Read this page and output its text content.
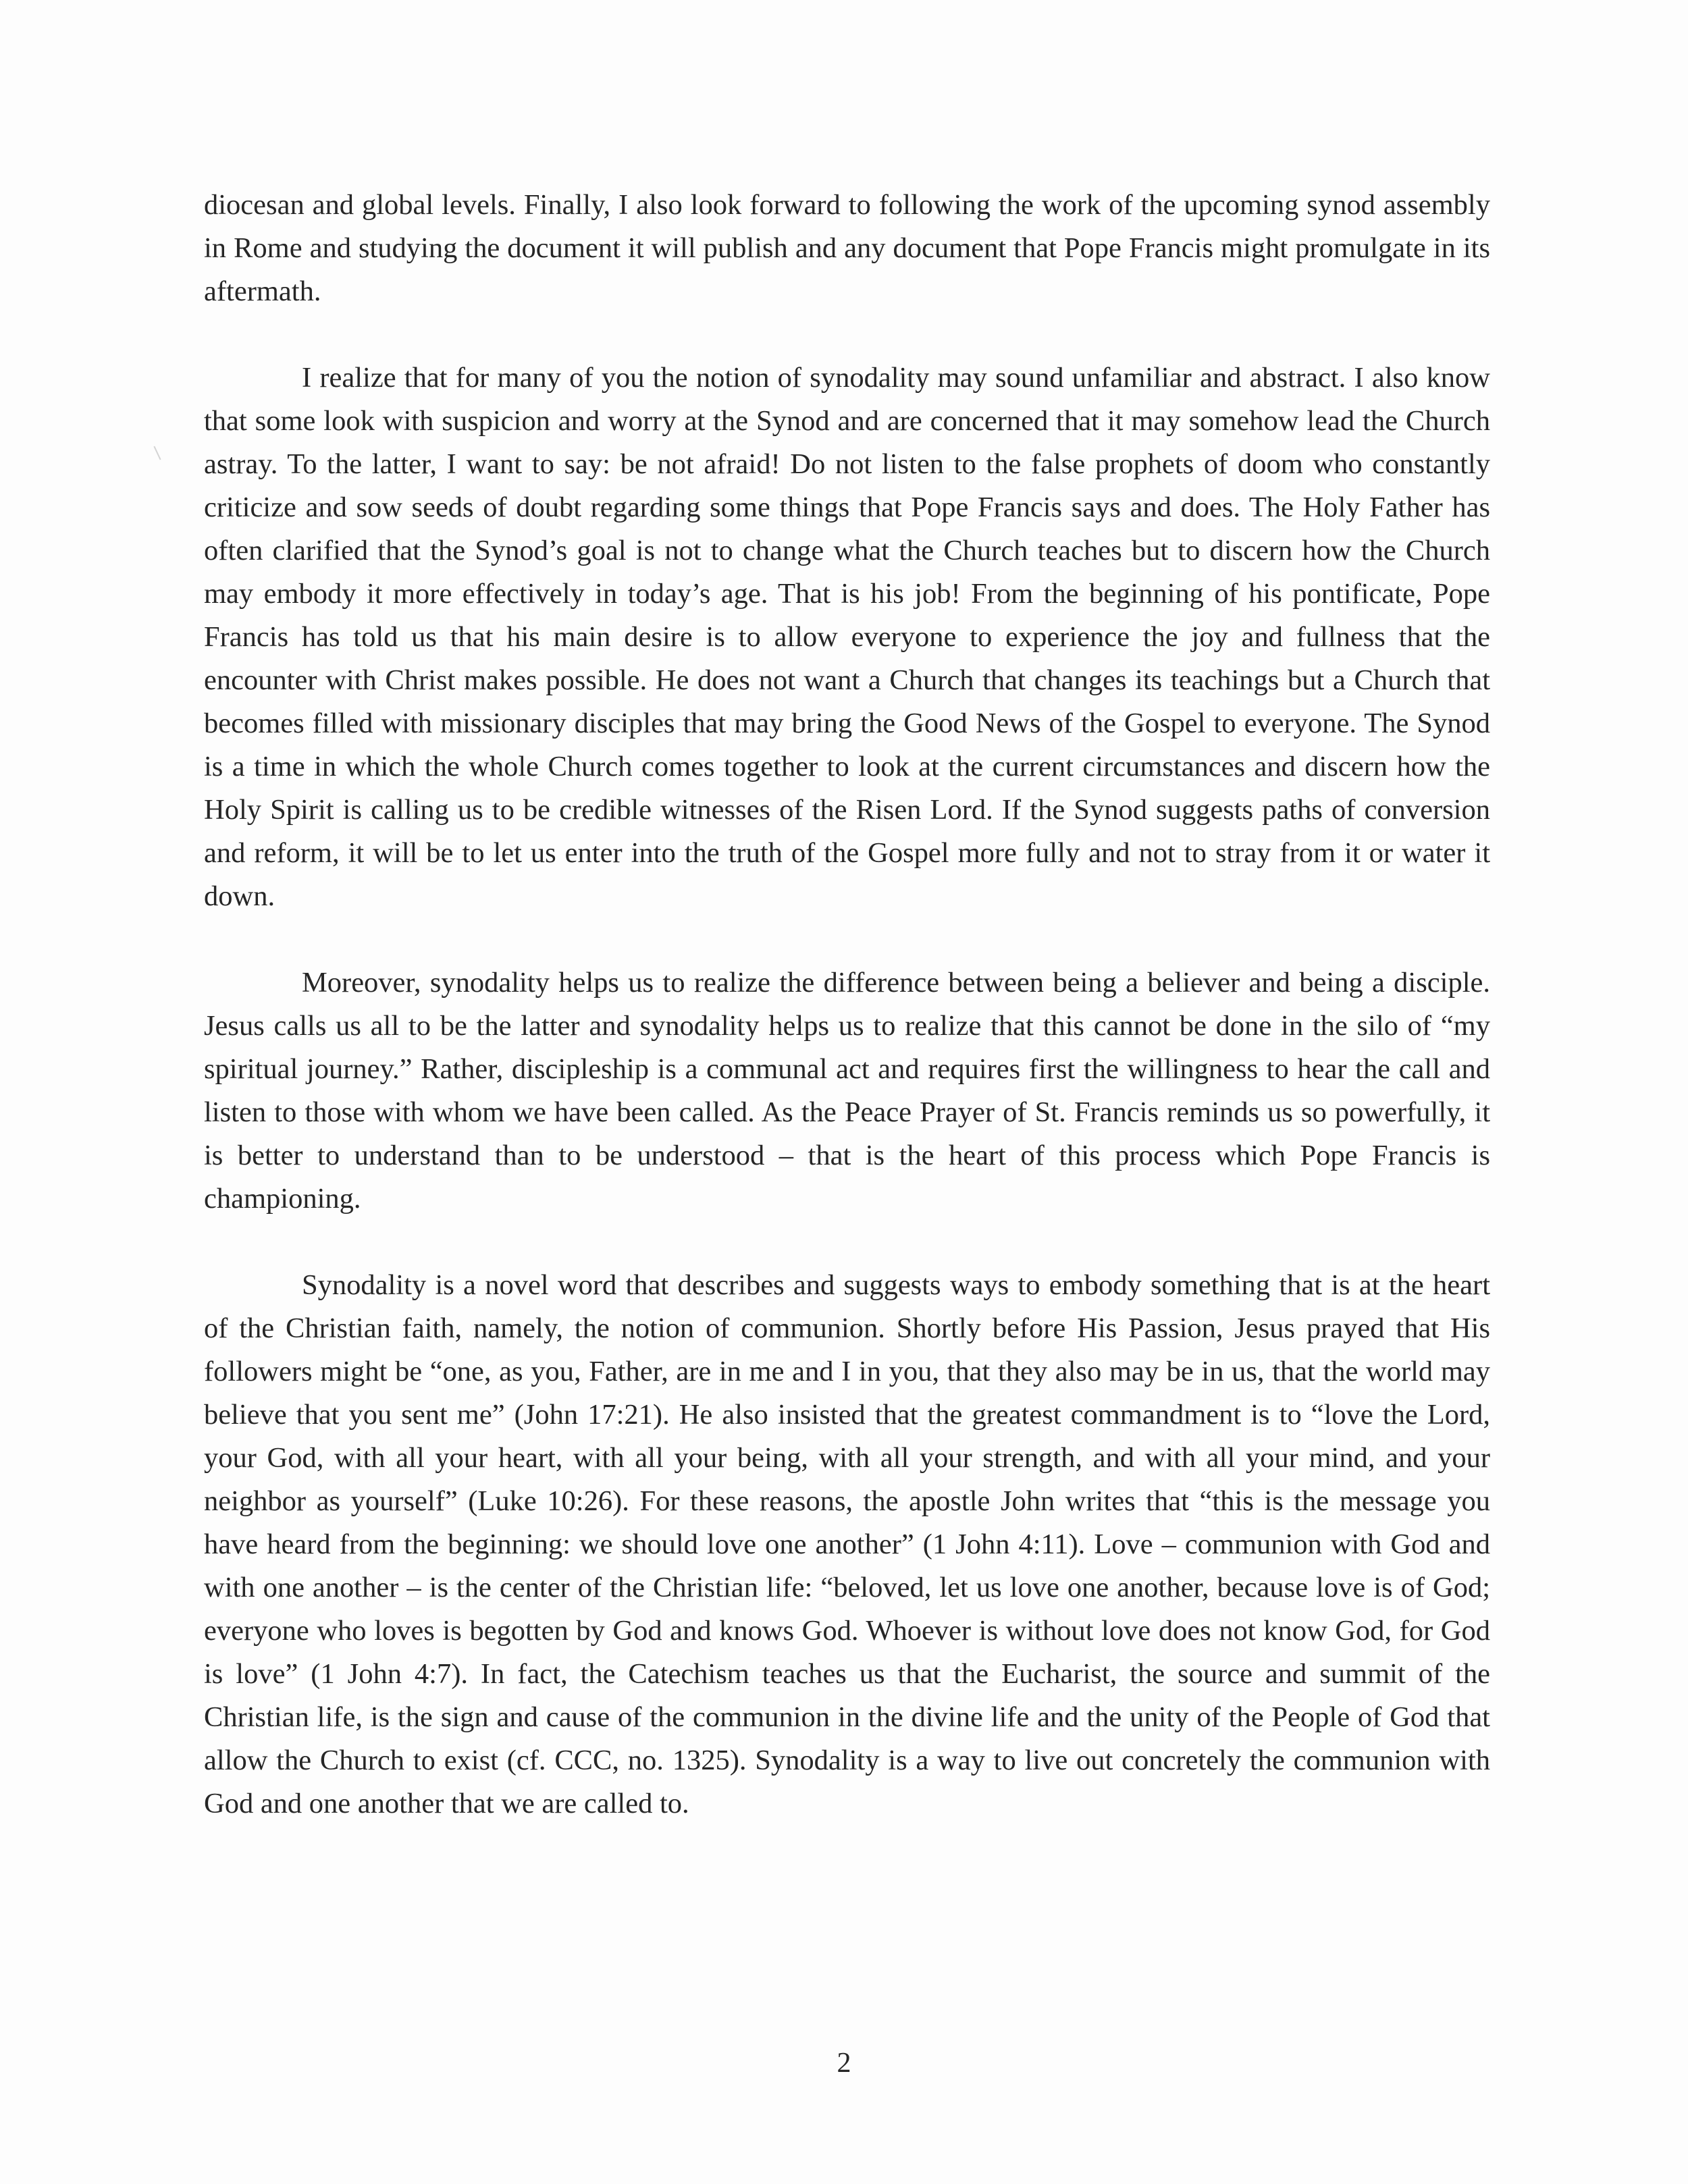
diocesan and global levels. Finally, I also look forward to following the work of the upcoming synod assembly in Rome and studying the document it will publish and any document that Pope Francis might promulgate in its aftermath.

I realize that for many of you the notion of synodality may sound unfamiliar and abstract. I also know that some look with suspicion and worry at the Synod and are concerned that it may somehow lead the Church astray. To the latter, I want to say: be not afraid! Do not listen to the false prophets of doom who constantly criticize and sow seeds of doubt regarding some things that Pope Francis says and does. The Holy Father has often clarified that the Synod’s goal is not to change what the Church teaches but to discern how the Church may embody it more effectively in today’s age. That is his job! From the beginning of his pontificate, Pope Francis has told us that his main desire is to allow everyone to experience the joy and fullness that the encounter with Christ makes possible. He does not want a Church that changes its teachings but a Church that becomes filled with missionary disciples that may bring the Good News of the Gospel to everyone. The Synod is a time in which the whole Church comes together to look at the current circumstances and discern how the Holy Spirit is calling us to be credible witnesses of the Risen Lord. If the Synod suggests paths of conversion and reform, it will be to let us enter into the truth of the Gospel more fully and not to stray from it or water it down.

Moreover, synodality helps us to realize the difference between being a believer and being a disciple. Jesus calls us all to be the latter and synodality helps us to realize that this cannot be done in the silo of “my spiritual journey.” Rather, discipleship is a communal act and requires first the willingness to hear the call and listen to those with whom we have been called. As the Peace Prayer of St. Francis reminds us so powerfully, it is better to understand than to be understood – that is the heart of this process which Pope Francis is championing.

Synodality is a novel word that describes and suggests ways to embody something that is at the heart of the Christian faith, namely, the notion of communion. Shortly before His Passion, Jesus prayed that His followers might be “one, as you, Father, are in me and I in you, that they also may be in us, that the world may believe that you sent me” (John 17:21). He also insisted that the greatest commandment is to “love the Lord, your God, with all your heart, with all your being, with all your strength, and with all your mind, and your neighbor as yourself” (Luke 10:26). For these reasons, the apostle John writes that “this is the message you have heard from the beginning: we should love one another” (1 John 4:11). Love – communion with God and with one another – is the center of the Christian life: “beloved, let us love one another, because love is of God; everyone who loves is begotten by God and knows God. Whoever is without love does not know God, for God is love” (1 John 4:7). In fact, the Catechism teaches us that the Eucharist, the source and summit of the Christian life, is the sign and cause of the communion in the divine life and the unity of the People of God that allow the Church to exist (cf. CCC, no. 1325). Synodality is a way to live out concretely the communion with God and one another that we are called to.

2
